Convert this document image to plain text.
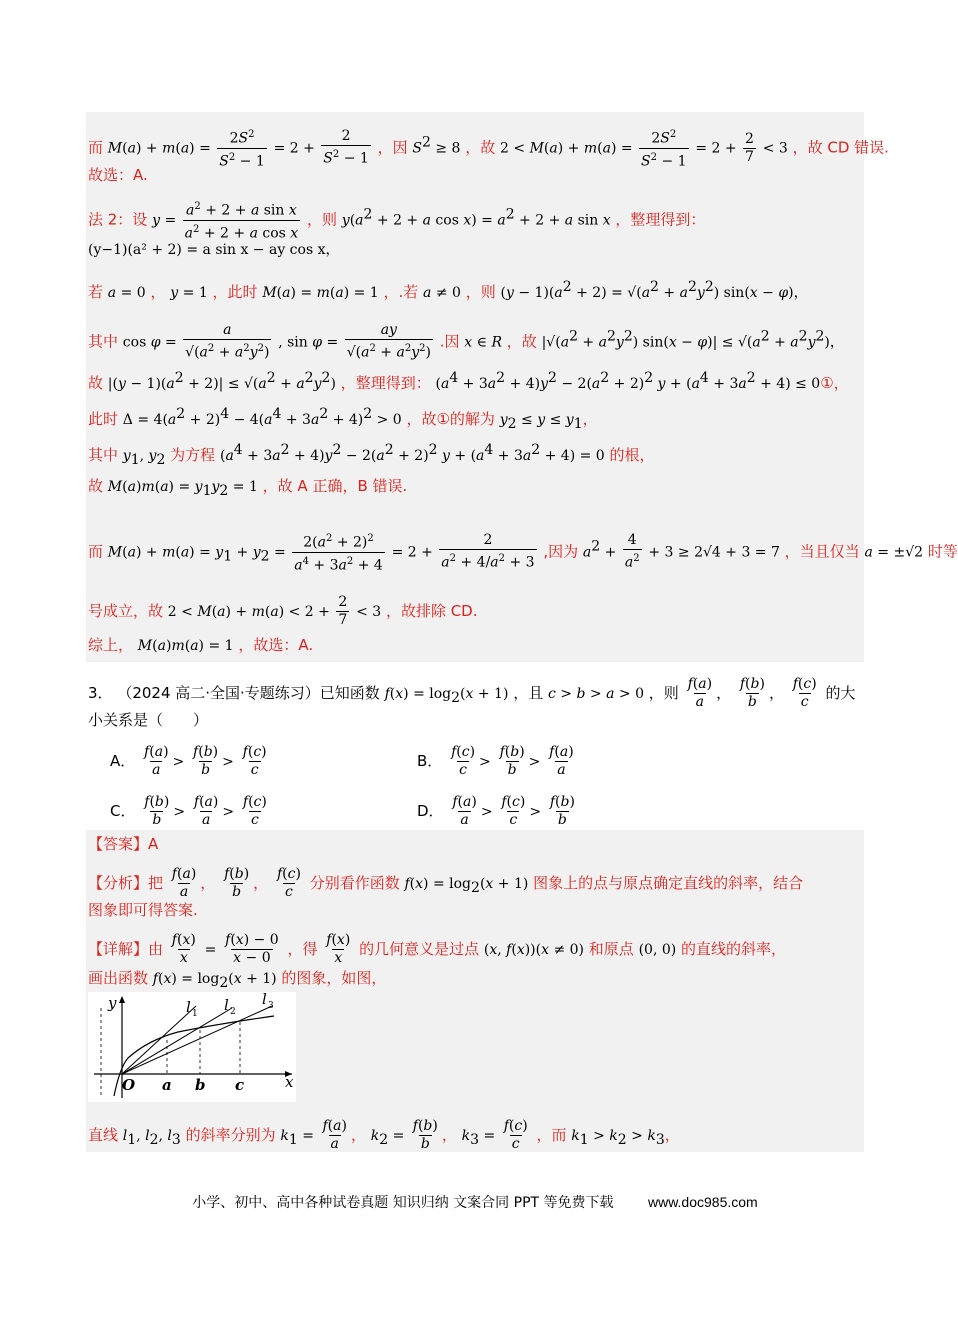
而 $M(a) + m(a) = \frac{2S^2}{S^2 - 1} = 2 + \frac{2}{S^2 - 1}$ ，因 $S^2 \ge 8$ ，故 $2 < M(a) + m(a) = \frac{2S^2}{S^2 - 1} = 2 + \frac{2}{7} < 3$ ，故 CD 错误.
故选：A.
法 2：设 $y = \frac{a^2 + 2 + a \sin x}{a^2 + 2 + a \cos x}$ ，则 $y(a^2 + 2 + a$ $\cos x) = a^2 + 2 + a$ sin x ，整理得到：
(y−1)(a² + 2) = a sin x − ay cos x，
若 a = 0 ， y = 1 ，此时 M(a) = m(a) = 1 ，.若 a ≠ 0 ，则 $(y - 1)(a^2 + 2) = √(a^2 + a^2y^2)$ sin(x − φ)，
其中 $\cos \varphi = \frac{a}{√(a^2 + a^2y^2)}$ , $\sin \varphi = \frac{ay}{√(a^2 + a^2y^2)}$ .因 x ∈ R ，故 $|√(a^2 + a^2y^2) \sin(x - \varphi)| \le √(a^2 + a^2y^2)$，
故 $|(y - 1)(a^2 + 2)| \le √(a^2 + a^2y^2)$ ，整理得到： $(a^4 + 3a^2 + 4)y^2 - 2(a^2 + 2)^2$ $y + (a^4 + 3a^2 + 4)$ ≤ 0①，
此时 $\Delta = 4(a^2 + 2)^4 - 4(a^4 + 3a^2 + 4)^2 > 0$ ，故①的解为 $y_2 \le y \le y_1$，
其中 $y_1$, $y_2$ 为方程 $(a^4 + 3a^2 + 4)y^2 - 2(a^2 + 2)^2$ $y + (a^4 + 3a^2 + 4) = 0$ 的根，
故 $M(a)m(a) = y_1y_2 = 1$ ，故 A 正确，B 错误.
而 $M(a) + m(a) = y_1 + y_2 = \frac{2(a^2 + 2)^2}{a^4 + 3a^2 + 4} = 2 + \frac{2}{a^2 + 4/a^2 + 3}$ ,因为 $a^2 + \frac{4}{a^2} + 3 \ge 2√4 + 3 = 7$ ，当且仅当 a = ±√2 时等
号成立，故 $2 < M(a) + m(a) < 2 + \frac{2}{7} < 3$ ，故排除 CD.
综上， M(a)m(a) = 1 ，故选：A.
3． （2024 高二·全国·专题练习）已知函数 $f(x) = \log_2(x + 1)$ ，且 c > b > a > 0 ，则 $\frac{f(a)}{a}$ ， $\frac{f(b)}{b}$ ， $\frac{f(c)}{c}$ 的大
小关系是（　　）
A． $\frac{f(a)}{a} > \frac{f(b)}{b} > \frac{f(c)}{c}$	B． $\frac{f(c)}{c} > \frac{f(b)}{b} > \frac{f(a)}{a}$
C． $\frac{f(b)}{b} > \frac{f(a)}{a} > \frac{f(c)}{c}$	D． $\frac{f(a)}{a} > \frac{f(c)}{c} > \frac{f(b)}{b}$
【答案】A
【分析】把 $\frac{f(a)}{a}$ ， $\frac{f(b)}{b}$ ， $\frac{f(c)}{c}$ 分别看作函数 $f(x) = \log_2(x + 1)$ 图象上的点与原点确定直线的斜率，结合
图象即可得答案.
【详解】由 $\frac{f(x)}{x} = \frac{f(x) - 0}{x - 0}$ ，得 $\frac{f(x)}{x}$ 的几何意义是过点 (x, f(x))(x ≠ 0) 和原点 (0, 0) 的直线的斜率，
画出函数 $f(x) = \log_2(x + 1)$ 的图象，如图，
y
x
O a b c
l 1 l 2
l 3
直线 $l_1$, $l_2$, $l_3$ 的斜率分别为 $k_1 = \frac{f(a)}{a}$ ， $k_2 = \frac{f(b)}{b}$ ， $k_3 = \frac{f(c)}{c}$ ，而 $k_1 > k_2 > k_3$，
小学、初中、高中各种试卷真题 知识归纳 文案合同 PPT 等免费下载 www.doc985.com
